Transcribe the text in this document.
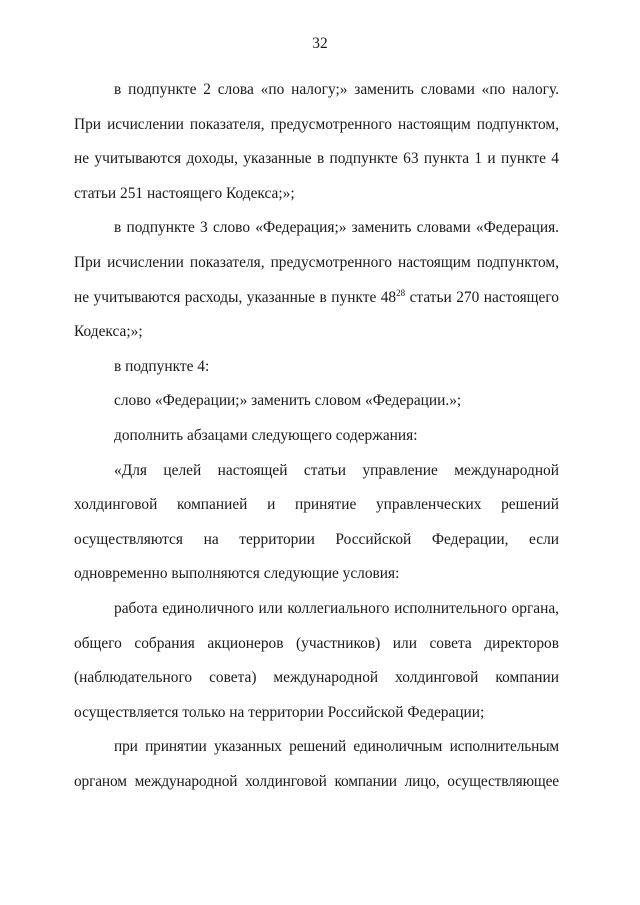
32

в подпункте 2 слова «по налогу;» заменить словами «по налогу. При исчислении показателя, предусмотренного настоящим подпунктом, не учитываются доходы, указанные в подпункте 63 пункта 1 и пункте 4 статьи 251 настоящего Кодекса;»;

в подпункте 3 слово «Федерация;» заменить словами «Федерация. При исчислении показателя, предусмотренного настоящим подпунктом, не учитываются расходы, указанные в пункте $48^{28}$ статьи 270 настоящего Кодекса;»;

в подпункте 4:

слово «Федерации;» заменить словом «Федерации.»;

дополнить абзацами следующего содержания:

«Для целей настоящей статьи управление международной холдинговой компанией и принятие управленческих решений осуществляются на территории Российской Федерации, если одновременно выполняются следующие условия:

работа единоличного или коллегиального исполнительного органа, общего собрания акционеров (участников) или совета директоров (наблюдательного совета) международной холдинговой компании осуществляется только на территории Российской Федерации;

при принятии указанных решений единоличным исполнительным органом международной холдинговой компании лицо, осуществляющее
